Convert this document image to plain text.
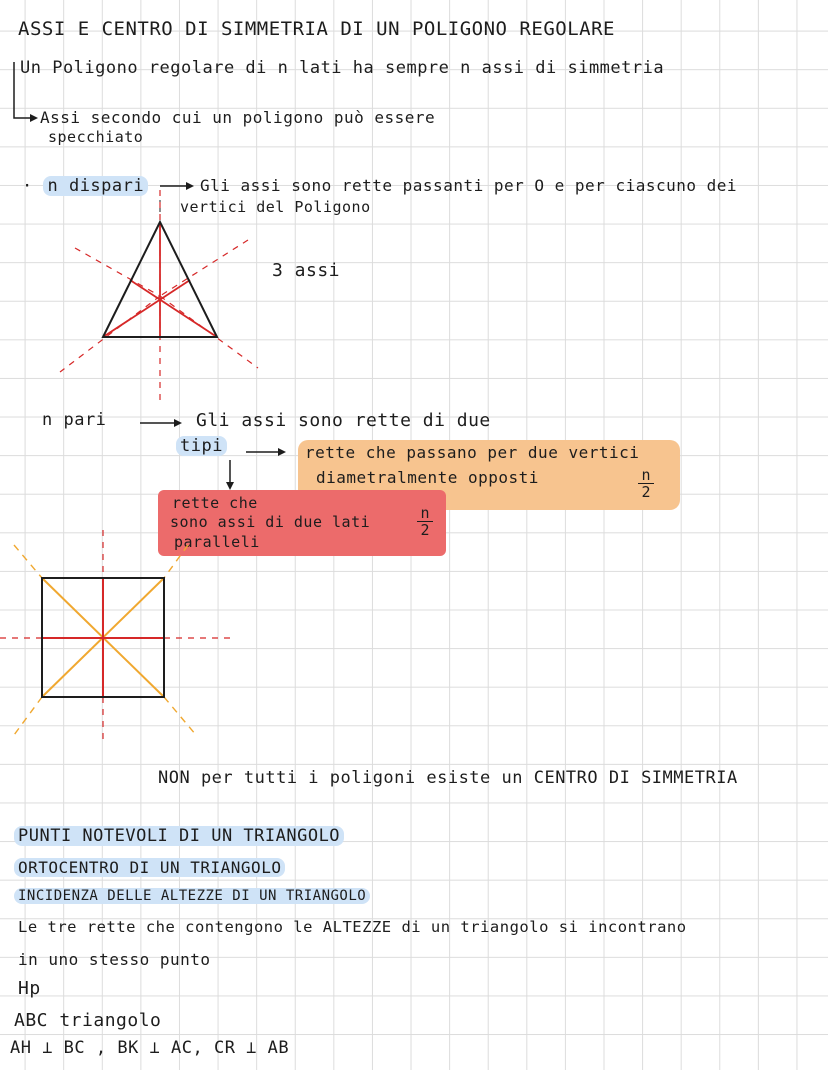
ASSI E CENTRO DI SIMMETRIA DI UN POLIGONO REGOLARE
Un Poligono regolare di n lati ha sempre n assi di simmetria
Assi secondo cui un poligono può essere
specchiato
· n dispari	Gli assi sono rette passanti per O e per ciascuno dei
vertici del Poligono
3 assi
n pari	Gli assi sono rette di due
tipi	rette che passano per due vertici
diametralmente opposti	n
2
rette che
sono assi di due lati
paralleli
n
2
NON per tutti i poligoni esiste un CENTRO DI SIMMETRIA
PUNTI NOTEVOLI DI UN TRIANGOLO
ORTOCENTRO DI UN TRIANGOLO
INCIDENZA DELLE ALTEZZE DI UN TRIANGOLO
Le tre rette che contengono le ALTEZZE di un triangolo si incontrano
in uno stesso punto
Hp
ABC triangolo
AH ⊥ BC , BK ⊥ AC, CR ⊥ AB
